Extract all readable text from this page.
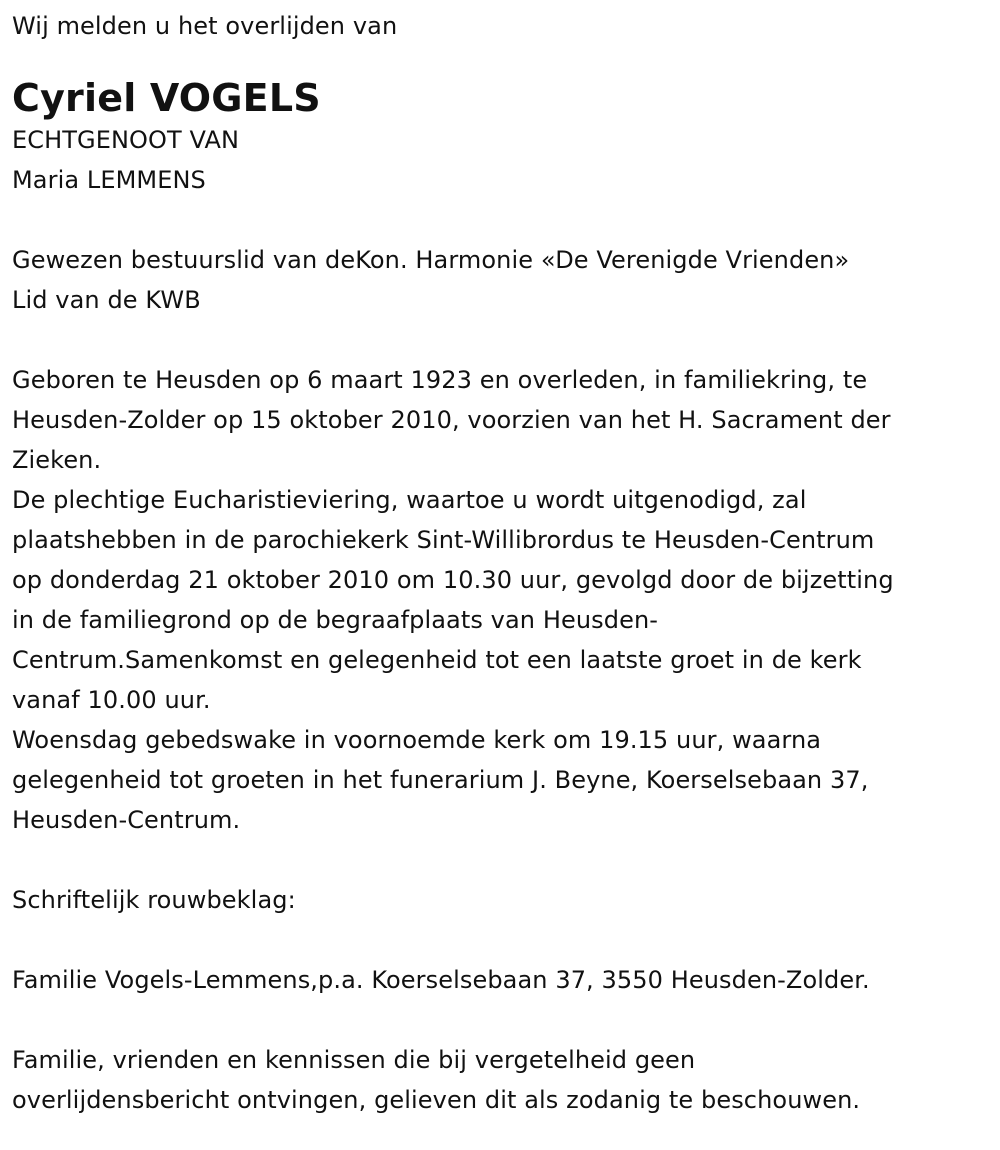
Wij melden u het overlijden van
Cyriel VOGELS
ECHTGENOOT VAN
Maria LEMMENS
Gewezen bestuurslid van deKon. Harmonie «De Verenigde Vrienden»
Lid van de KWB
Geboren te Heusden op 6 maart 1923 en overleden, in familiekring, te
Heusden-Zolder op 15 oktober 2010, voorzien van het H. Sacrament der
Zieken.
De plechtige Eucharistieviering, waartoe u wordt uitgenodigd, zal
plaatshebben in de parochiekerk Sint-Willibrordus te Heusden-Centrum
op donderdag 21 oktober 2010 om 10.30 uur, gevolgd door de bijzetting
in de familiegrond op de begraafplaats van Heusden-
Centrum.Samenkomst en gelegenheid tot een laatste groet in de kerk
vanaf 10.00 uur.
Woensdag gebedswake in voornoemde kerk om 19.15 uur, waarna
gelegenheid tot groeten in het funerarium J. Beyne, Koerselsebaan 37,
Heusden-Centrum.
Schriftelijk rouwbeklag:
Familie Vogels-Lemmens,p.a. Koerselsebaan 37, 3550 Heusden-Zolder.
Familie, vrienden en kennissen die bij vergetelheid geen
overlijdensbericht ontvingen, gelieven dit als zodanig te beschouwen.
